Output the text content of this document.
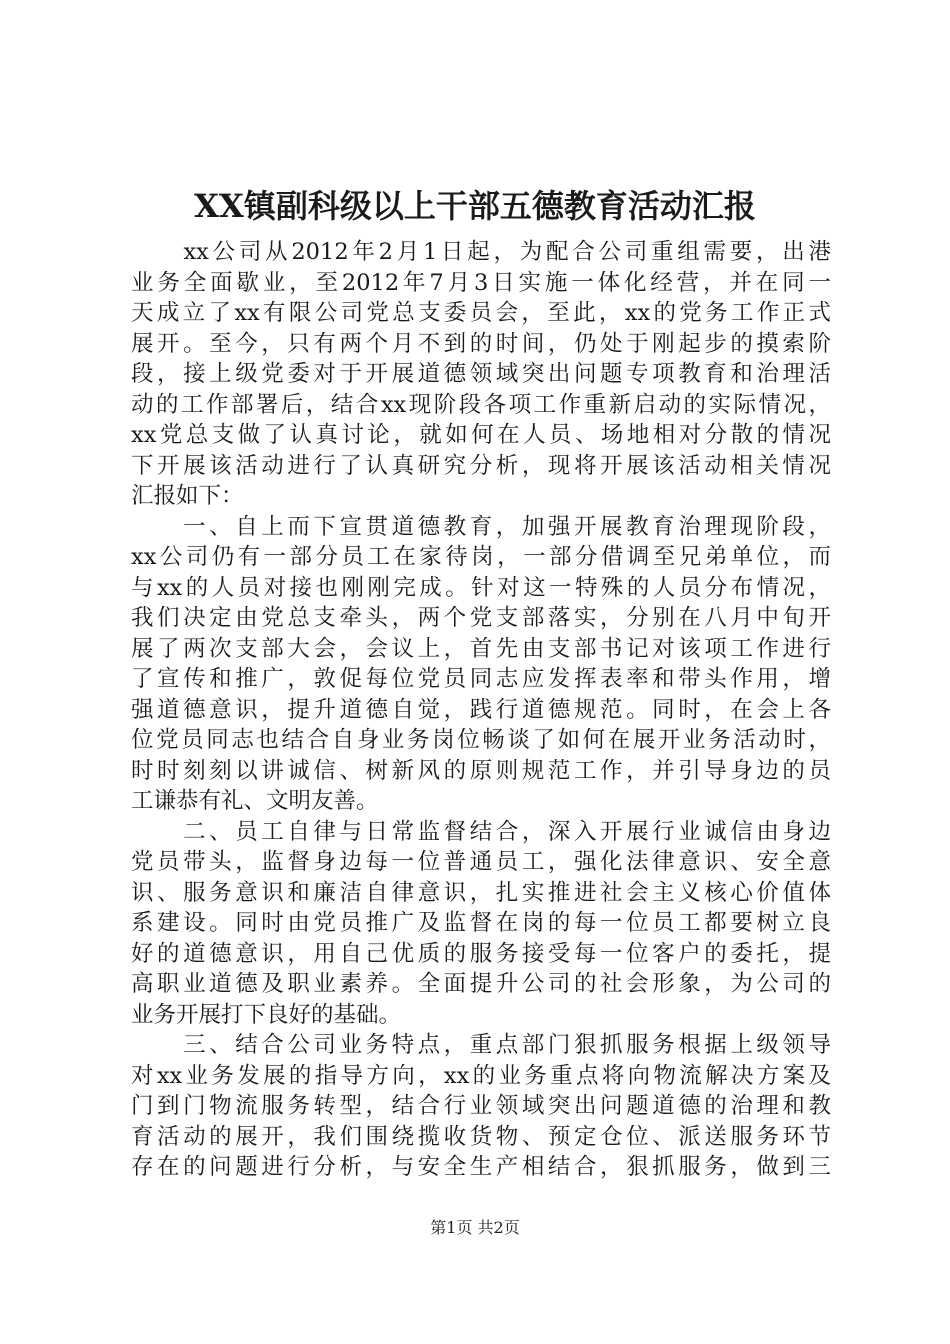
XX镇副科级以上干部五德教育活动汇报
　　xx公司从2012年2月1日起，为配合公司重组需要，出港
业务全面歇业，至2012年7月3日实施一体化经营，并在同一
天成立了xx有限公司党总支委员会，至此，xx的党务工作正式
展开。至今，只有两个月不到的时间，仍处于刚起步的摸索阶
段，接上级党委对于开展道德领域突出问题专项教育和治理活
动的工作部署后，结合xx现阶段各项工作重新启动的实际情况，
xx党总支做了认真讨论，就如何在人员、场地相对分散的情况
下开展该活动进行了认真研究分析，现将开展该活动相关情况
汇报如下：
　　一、自上而下宣贯道德教育，加强开展教育治理现阶段，
xx公司仍有一部分员工在家待岗，一部分借调至兄弟单位，而
与xx的人员对接也刚刚完成。针对这一特殊的人员分布情况，
我们决定由党总支牵头，两个党支部落实，分别在八月中旬开
展了两次支部大会，会议上，首先由支部书记对该项工作进行
了宣传和推广，敦促每位党员同志应发挥表率和带头作用，增
强道德意识，提升道德自觉，践行道德规范。同时，在会上各
位党员同志也结合自身业务岗位畅谈了如何在展开业务活动时，
时时刻刻以讲诚信、树新风的原则规范工作，并引导身边的员
工谦恭有礼、文明友善。
　　二、员工自律与日常监督结合，深入开展行业诚信由身边
党员带头，监督身边每一位普通员工，强化法律意识、安全意
识、服务意识和廉洁自律意识，扎实推进社会主义核心价值体
系建设。同时由党员推广及监督在岗的每一位员工都要树立良
好的道德意识，用自己优质的服务接受每一位客户的委托，提
高职业道德及职业素养。全面提升公司的社会形象，为公司的
业务开展打下良好的基础。
　　三、结合公司业务特点，重点部门狠抓服务根据上级领导
对xx业务发展的指导方向，xx的业务重点将向物流解决方案及
门到门物流服务转型，结合行业领域突出问题道德的治理和教
育活动的展开，我们围绕揽收货物、预定仓位、派送服务环节
存在的问题进行分析，与安全生产相结合，狠抓服务，做到三
第1页 共2页
